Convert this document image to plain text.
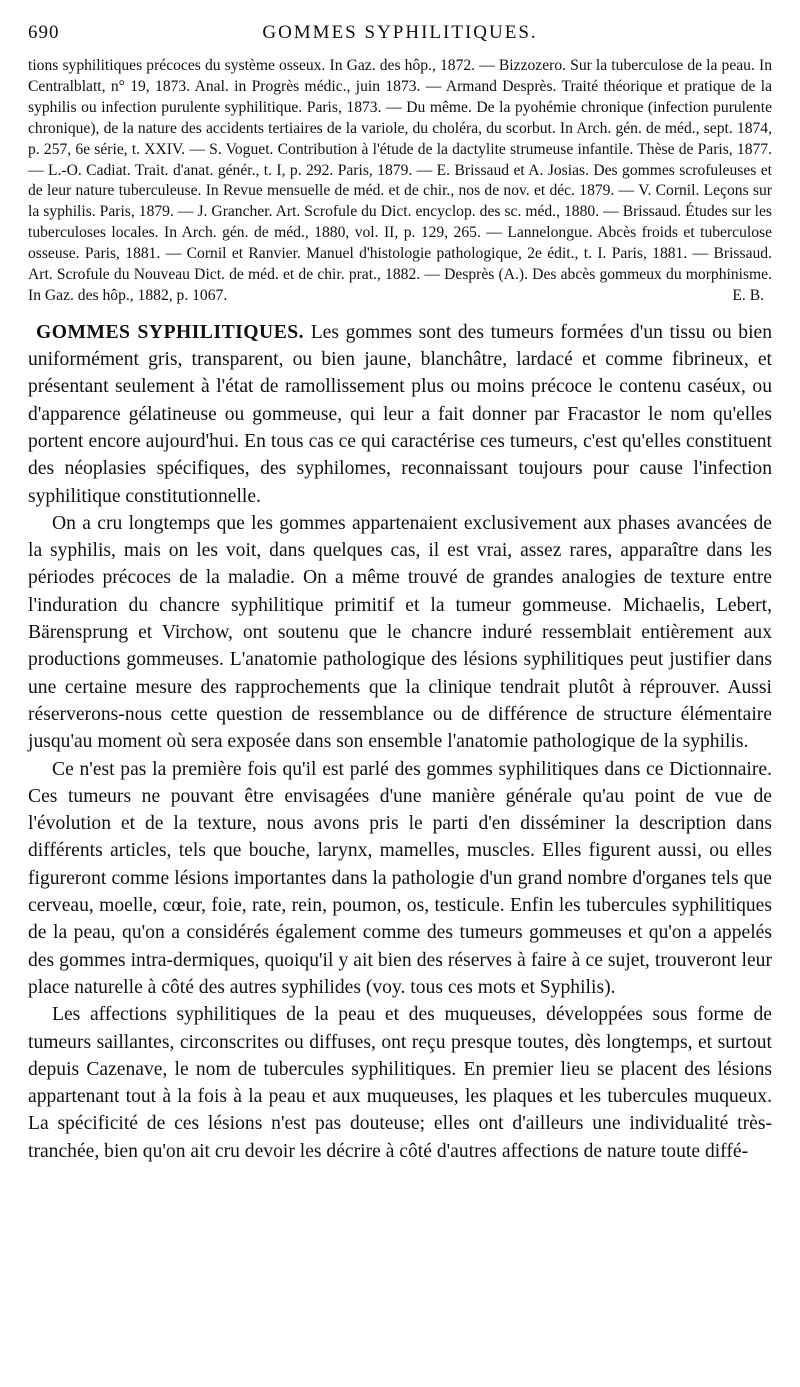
690	GOMMES SYPHILITIQUES.
tions syphilitiques précoces du système osseux. In Gaz. des hôp., 1872. — Bizzozero. Sur la tuberculose de la peau. In Centralblatt, n° 19, 1873. Anal. in Progrès médic., juin 1873. — Armand Desprès. Traité théorique et pratique de la syphilis ou infection purulente syphilitique. Paris, 1873. — Du même. De la pyohémie chronique (infection purulente chronique), de la nature des accidents tertiaires de la variole, du choléra, du scorbut. In Arch. gén. de méd., sept. 1874, p. 257, 6e série, t. XXIV. — S. Voguet. Contribution à l'étude de la dactylite strumeuse infantile. Thèse de Paris, 1877. — L.-O. Cadiat. Trait. d'anat. génér., t. I, p. 292. Paris, 1879. — E. Brissaud et A. Josias. Des gommes scrofuleuses et de leur nature tuberculeuse. In Revue mensuelle de méd. et de chir., nos de nov. et déc. 1879. — V. Cornil. Leçons sur la syphilis. Paris, 1879. — J. Grancher. Art. Scrofule du Dict. encyclop. des sc. méd., 1880. — Brissaud. Études sur les tuberculoses locales. In Arch. gén. de méd., 1880, vol. II, p. 129, 265. — Lannelongue. Abcès froids et tuberculose osseuse. Paris, 1881. — Cornil et Ranvier. Manuel d'histologie pathologique, 2e édit., t. I. Paris, 1881. — Brissaud. Art. Scrofule du Nouveau Dict. de méd. et de chir. prat., 1882. — Desprès (A.). Des abcès gommeux du morphinisme. In Gaz. des hôp., 1882, p. 1067.	E. B.

GOMMES SYPHILITIQUES. Les gommes sont des tumeurs formées d'un tissu ou bien uniformément gris, transparent, ou bien jaune, blanchâtre, lardacé et comme fibrineux, et présentant seulement à l'état de ramollissement plus ou moins précoce le contenu caséux, ou d'apparence gélatineuse ou gommeuse, qui leur a fait donner par Fracastor le nom qu'elles portent encore aujourd'hui. En tous cas ce qui caractérise ces tumeurs, c'est qu'elles constituent des néoplasies spécifiques, des syphilomes, reconnaissant toujours pour cause l'infection syphilitique constitutionnelle.

On a cru longtemps que les gommes appartenaient exclusivement aux phases avancées de la syphilis, mais on les voit, dans quelques cas, il est vrai, assez rares, apparaître dans les périodes précoces de la maladie. On a même trouvé de grandes analogies de texture entre l'induration du chancre syphilitique primitif et la tumeur gommeuse. Michaelis, Lebert, Bärensprung et Virchow, ont soutenu que le chancre induré ressemblait entièrement aux productions gommeuses. L'anatomie pathologique des lésions syphilitiques peut justifier dans une certaine mesure des rapprochements que la clinique tendrait plutôt à réprouver. Aussi réserverons-nous cette question de ressemblance ou de différence de structure élémentaire jusqu'au moment où sera exposée dans son ensemble l'anatomie pathologique de la syphilis.

Ce n'est pas la première fois qu'il est parlé des gommes syphilitiques dans ce Dictionnaire. Ces tumeurs ne pouvant être envisagées d'une manière générale qu'au point de vue de l'évolution et de la texture, nous avons pris le parti d'en disséminer la description dans différents articles, tels que bouche, larynx, mamelles, muscles. Elles figurent aussi, ou elles figureront comme lésions importantes dans la pathologie d'un grand nombre d'organes tels que cerveau, moelle, cœur, foie, rate, rein, poumon, os, testicule. Enfin les tubercules syphilitiques de la peau, qu'on a considérés également comme des tumeurs gommeuses et qu'on a appelés des gommes intra-dermiques, quoiqu'il y ait bien des réserves à faire à ce sujet, trouveront leur place naturelle à côté des autres syphilides (voy. tous ces mots et Syphilis).

Les affections syphilitiques de la peau et des muqueuses, développées sous forme de tumeurs saillantes, circonscrites ou diffuses, ont reçu presque toutes, dès longtemps, et surtout depuis Cazenave, le nom de tubercules syphilitiques. En premier lieu se placent des lésions appartenant tout à la fois à la peau et aux muqueuses, les plaques et les tubercules muqueux. La spécificité de ces lésions n'est pas douteuse; elles ont d'ailleurs une individualité très-tranchée, bien qu'on ait cru devoir les décrire à côté d'autres affections de nature toute diffé-
